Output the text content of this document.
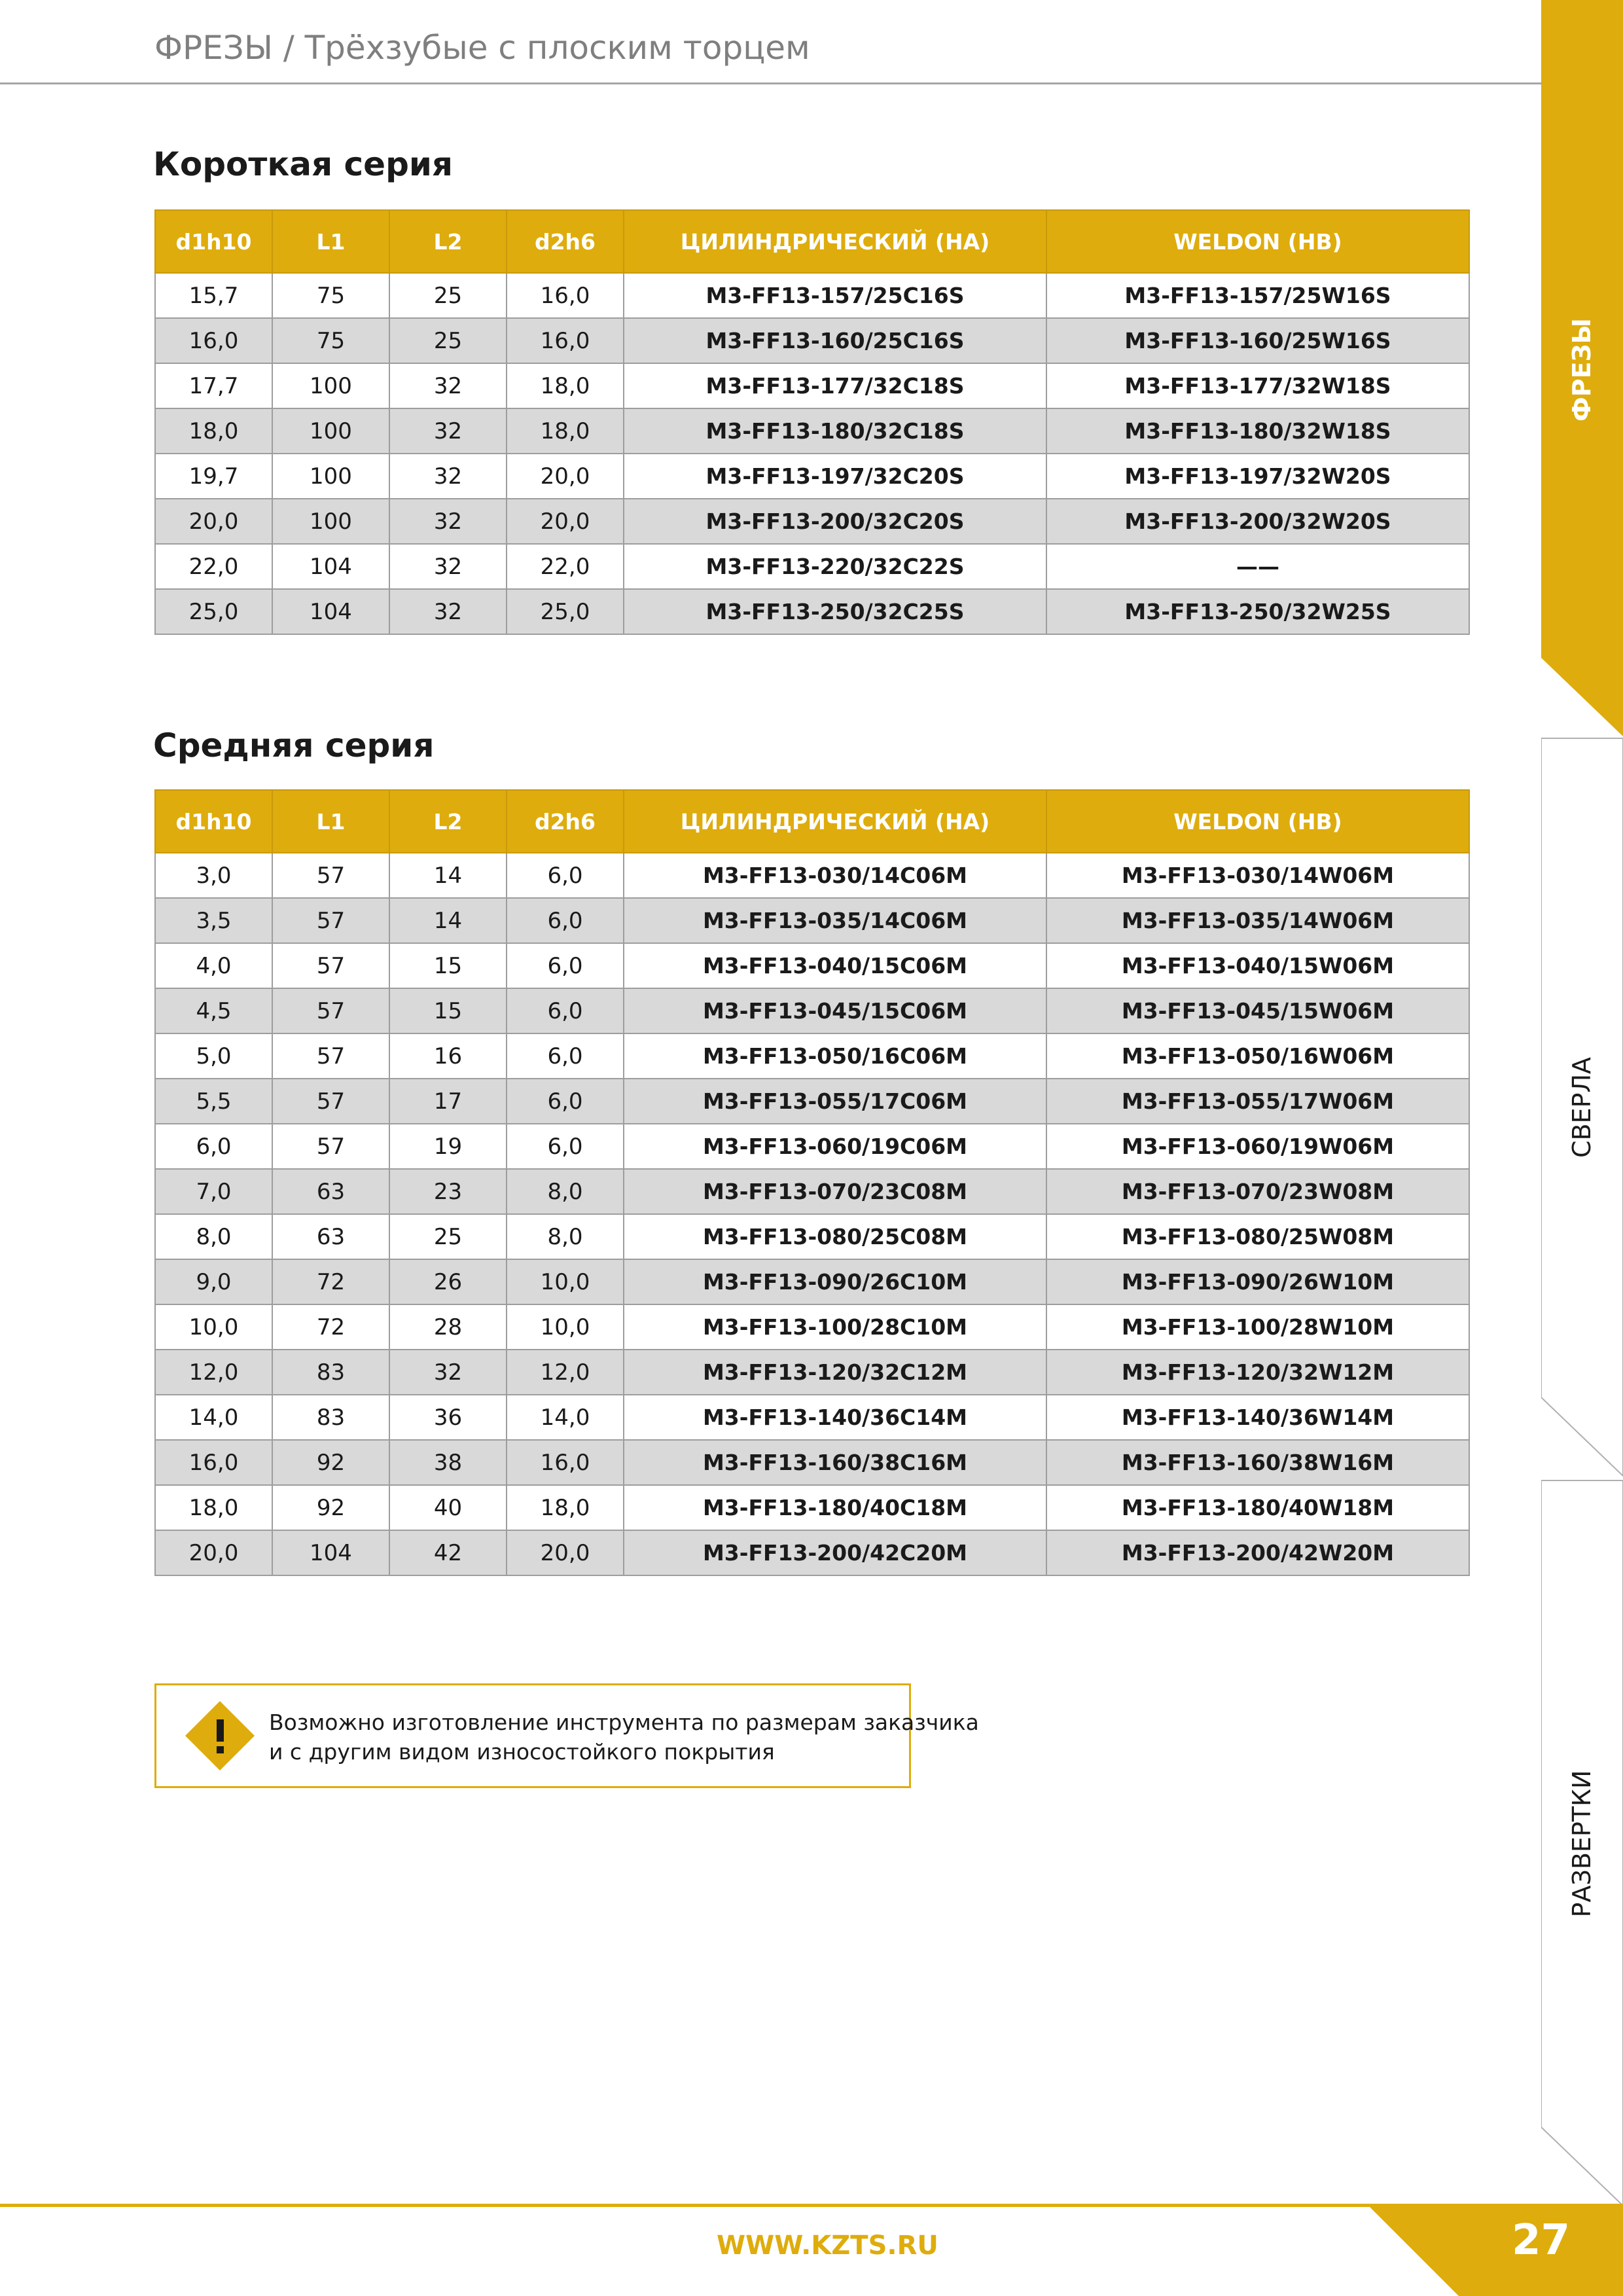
ФРЕЗЫ / Трёхзубые с плоским торцем
Короткая серия
d1h10	L1	L2	d2h6	ЦИЛИНДРИЧЕСКИЙ (HA)	WELDON (HB)
15,7	75	25	16,0	M3-FF13-157/25C16S	M3-FF13-157/25W16S
16,0	75	25	16,0	M3-FF13-160/25C16S	M3-FF13-160/25W16S
17,7	100	32	18,0	M3-FF13-177/32C18S	M3-FF13-177/32W18S
18,0	100	32	18,0	M3-FF13-180/32C18S	M3-FF13-180/32W18S
19,7	100	32	20,0	M3-FF13-197/32C20S	M3-FF13-197/32W20S
20,0	100	32	20,0	M3-FF13-200/32C20S	M3-FF13-200/32W20S
22,0	104	32	22,0	M3-FF13-220/32C22S	——
25,0	104	32	25,0	M3-FF13-250/32C25S	M3-FF13-250/32W25S
Средняя серия
d1h10	L1	L2	d2h6	ЦИЛИНДРИЧЕСКИЙ (HA)	WELDON (HB)
3,0	57	14	6,0	M3-FF13-030/14C06M	M3-FF13-030/14W06M
3,5	57	14	6,0	M3-FF13-035/14C06M	M3-FF13-035/14W06M
4,0	57	15	6,0	M3-FF13-040/15C06M	M3-FF13-040/15W06M
4,5	57	15	6,0	M3-FF13-045/15C06M	M3-FF13-045/15W06M
5,0	57	16	6,0	M3-FF13-050/16C06M	M3-FF13-050/16W06M
5,5	57	17	6,0	M3-FF13-055/17C06M	M3-FF13-055/17W06M
6,0	57	19	6,0	M3-FF13-060/19C06M	M3-FF13-060/19W06M
7,0	63	23	8,0	M3-FF13-070/23C08M	M3-FF13-070/23W08M
8,0	63	25	8,0	M3-FF13-080/25C08M	M3-FF13-080/25W08M
9,0	72	26	10,0	M3-FF13-090/26C10M	M3-FF13-090/26W10M
10,0	72	28	10,0	M3-FF13-100/28C10M	M3-FF13-100/28W10M
12,0	83	32	12,0	M3-FF13-120/32C12M	M3-FF13-120/32W12M
14,0	83	36	14,0	M3-FF13-140/36C14M	M3-FF13-140/36W14M
16,0	92	38	16,0	M3-FF13-160/38C16M	M3-FF13-160/38W16M
18,0	92	40	18,0	M3-FF13-180/40C18M	M3-FF13-180/40W18M
20,0	104	42	20,0	M3-FF13-200/42C20M	M3-FF13-200/42W20M
Возможно изготовление инструмента по размерам заказчика
и с другим видом износостойкого покрытия
ФРЕЗЫ
СВЕРЛА
РАЗВЕРТКИ
WWW.KZTS.RU	27
